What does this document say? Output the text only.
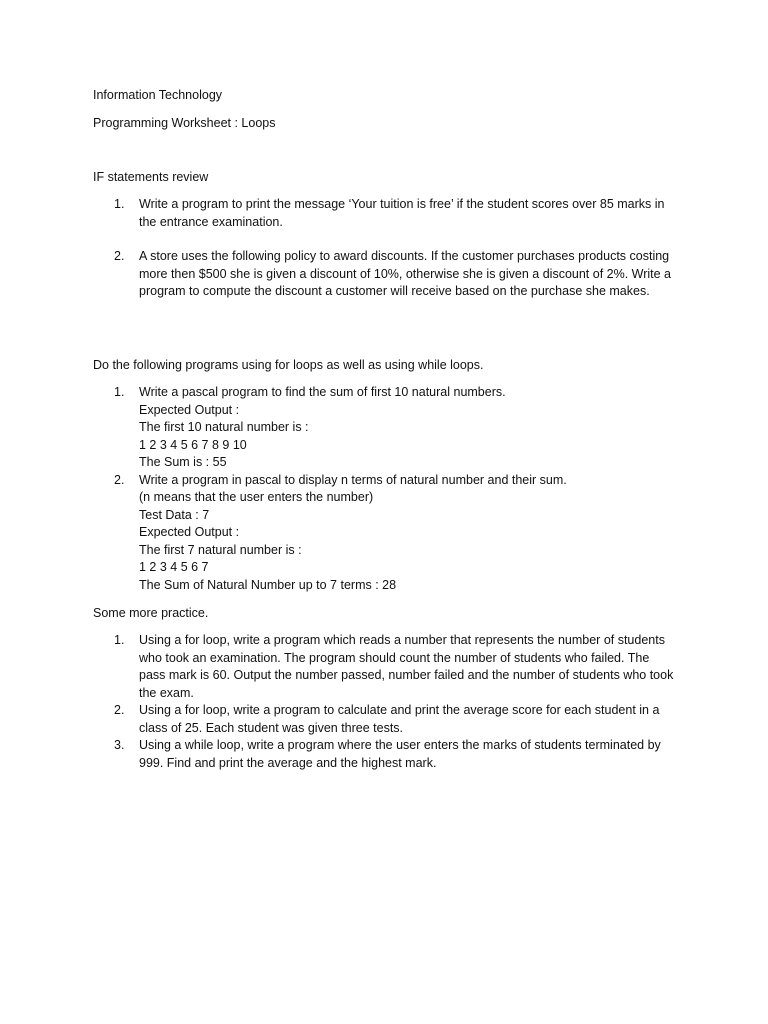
Information Technology

Programming Worksheet : Loops

IF statements review

1. Write a program to print the message ‘Your tuition is free’ if the student scores over 85 marks in the entrance examination.
2. A store uses the following policy to award discounts. If the customer purchases products costing more then $500 she is given a discount of 10%, otherwise she is given a discount of 2%. Write a program to compute the discount a customer will receive based on the purchase she makes.

Do the following programs using for loops as well as using while loops.

1. Write a pascal program to find the sum of first 10 natural numbers.
Expected Output :
The first 10 natural number is :
1 2 3 4 5 6 7 8 9 10
The Sum is : 55
2. Write a program in pascal to display n terms of natural number and their sum.
(n means that the user enters the number)
Test Data : 7
Expected Output :
The first 7 natural number is :
1 2 3 4 5 6 7
The Sum of Natural Number up to 7 terms : 28

Some more practice.

1. Using a for loop, write a program which reads a number that represents the number of students who took an examination. The program should count the number of students who failed. The pass mark is 60. Output the number passed, number failed and the number of students who took the exam.
2. Using a for loop, write a program to calculate and print the average score for each student in a class of 25. Each student was given three tests.
3. Using a while loop, write a program where the user enters the marks of students terminated by 999. Find and print the average and the highest mark.
